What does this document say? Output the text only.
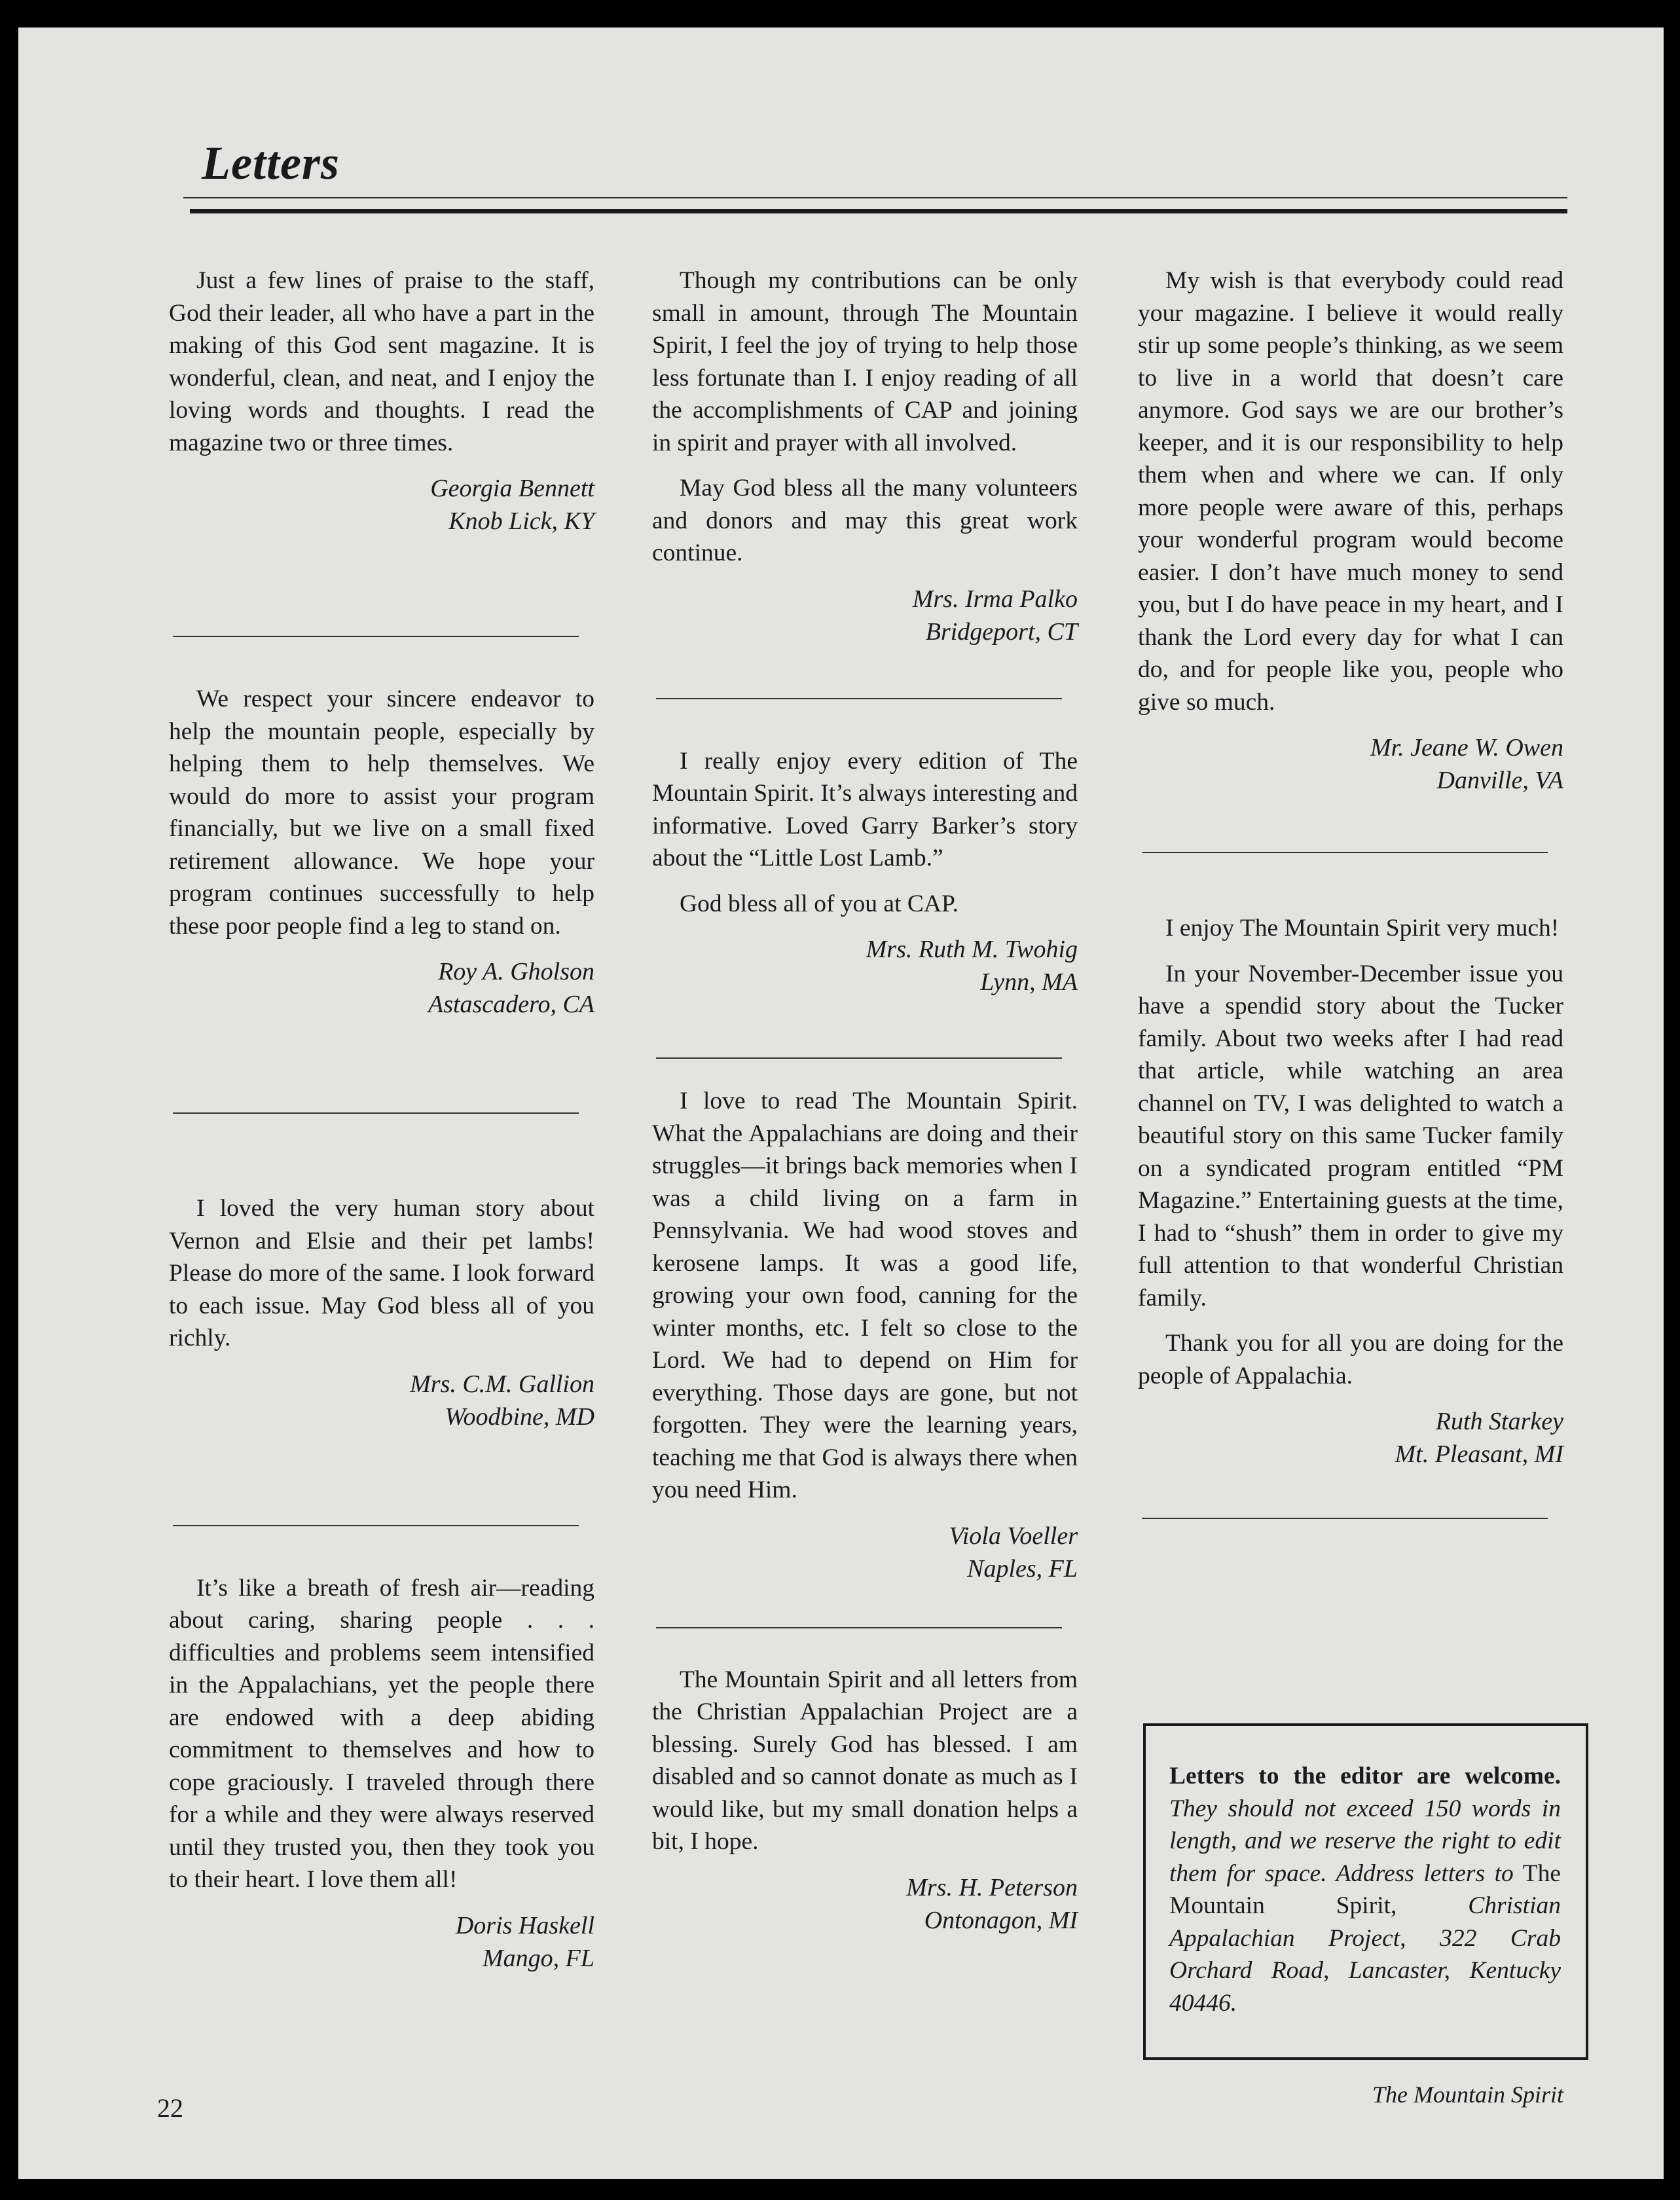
Letters

Just a few lines of praise to the staff, God their leader, all who have a part in the making of this God sent magazine. It is wonderful, clean, and neat, and I enjoy the loving words and thoughts. I read the magazine two or three times.

Georgia Bennett
Knob Lick, KY

We respect your sincere endeavor to help the mountain people, especially by helping them to help themselves. We would do more to assist your program financially, but we live on a small fixed retirement allowance. We hope your program continues successfully to help these poor people find a leg to stand on.

Roy A. Gholson
Astascadero, CA

I loved the very human story about Vernon and Elsie and their pet lambs! Please do more of the same. I look forward to each issue. May God bless all of you richly.

Mrs. C.M. Gallion
Woodbine, MD

It’s like a breath of fresh air—reading about caring, sharing people . . . difficulties and problems seem intensified in the Appalachians, yet the people there are endowed with a deep abiding commitment to themselves and how to cope graciously. I traveled through there for a while and they were always reserved until they trusted you, then they took you to their heart. I love them all!

Doris Haskell
Mango, FL

Though my contributions can be only small in amount, through The Mountain Spirit, I feel the joy of trying to help those less fortunate than I. I enjoy reading of all the accomplishments of CAP and joining in spirit and prayer with all involved.

May God bless all the many volunteers and donors and may this great work continue.

Mrs. Irma Palko
Bridgeport, CT

I really enjoy every edition of The Mountain Spirit. It’s always interesting and informative. Loved Garry Barker’s story about the “Little Lost Lamb.”

God bless all of you at CAP.

Mrs. Ruth M. Twohig
Lynn, MA

I love to read The Mountain Spirit. What the Appalachians are doing and their struggles—it brings back memories when I was a child living on a farm in Pennsylvania. We had wood stoves and kerosene lamps. It was a good life, growing your own food, canning for the winter months, etc. I felt so close to the Lord. We had to depend on Him for everything. Those days are gone, but not forgotten. They were the learning years, teaching me that God is always there when you need Him.

Viola Voeller
Naples, FL

The Mountain Spirit and all letters from the Christian Appalachian Project are a blessing. Surely God has blessed. I am disabled and so cannot donate as much as I would like, but my small donation helps a bit, I hope.

Mrs. H. Peterson
Ontonagon, MI

My wish is that everybody could read your magazine. I believe it would really stir up some people’s thinking, as we seem to live in a world that doesn’t care anymore. God says we are our brother’s keeper, and it is our responsibility to help them when and where we can. If only more people were aware of this, perhaps your wonderful program would become easier. I don’t have much money to send you, but I do have peace in my heart, and I thank the Lord every day for what I can do, and for people like you, people who give so much.

Mr. Jeane W. Owen
Danville, VA

I enjoy The Mountain Spirit very much!

In your November-December issue you have a spendid story about the Tucker family. About two weeks after I had read that article, while watching an area channel on TV, I was delighted to watch a beautiful story on this same Tucker family on a syndicated program entitled “PM Magazine.” Entertaining guests at the time, I had to “shush” them in order to give my full attention to that wonderful Christian family.

Thank you for all you are doing for the people of Appalachia.

Ruth Starkey
Mt. Pleasant, MI
Letters to the editor are welcome. They should not exceed 150 words in length, and we reserve the right to edit them for space. Address letters to The Mountain Spirit,	Christian Appalachian Project, 322 Crab Orchard Road, Lancaster, Kentucky 40446.
22	The Mountain Spirit
